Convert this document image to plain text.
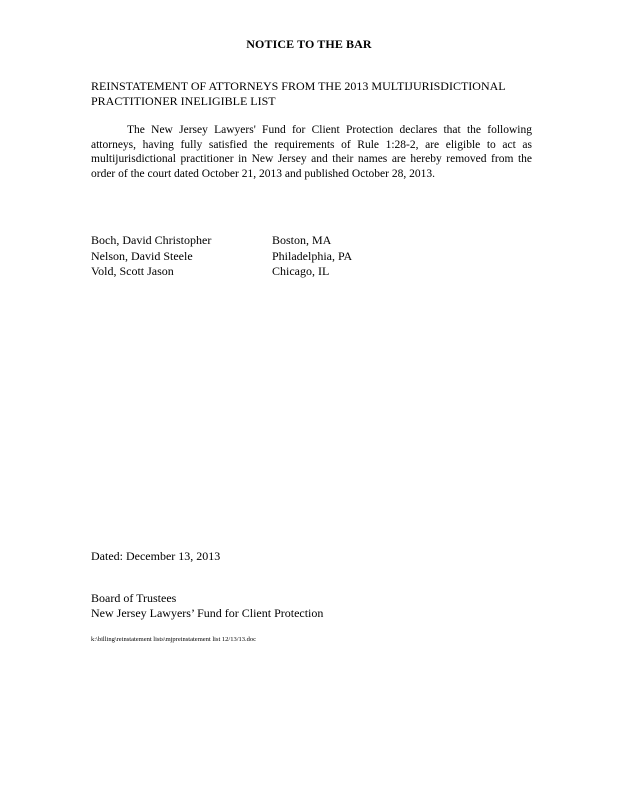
NOTICE TO THE BAR
REINSTATEMENT OF ATTORNEYS FROM THE 2013 MULTIJURISDICTIONAL PRACTITIONER INELIGIBLE LIST
The New Jersey Lawyers' Fund for Client Protection declares that the following attorneys, having fully satisfied the requirements of Rule 1:28-2, are eligible to act as multijurisdictional practitioner in New Jersey and their names are hereby removed from the order of the court dated October 21, 2013 and published October 28, 2013.
Boch, David Christopher	Boston, MA
Nelson, David Steele	Philadelphia, PA
Vold, Scott Jason	Chicago, IL
Dated: December 13, 2013
Board of Trustees
New Jersey Lawyers’ Fund for Client Protection
k:\billing\reinstatement lists\mjpreinstatement list 12/13/13.doc
